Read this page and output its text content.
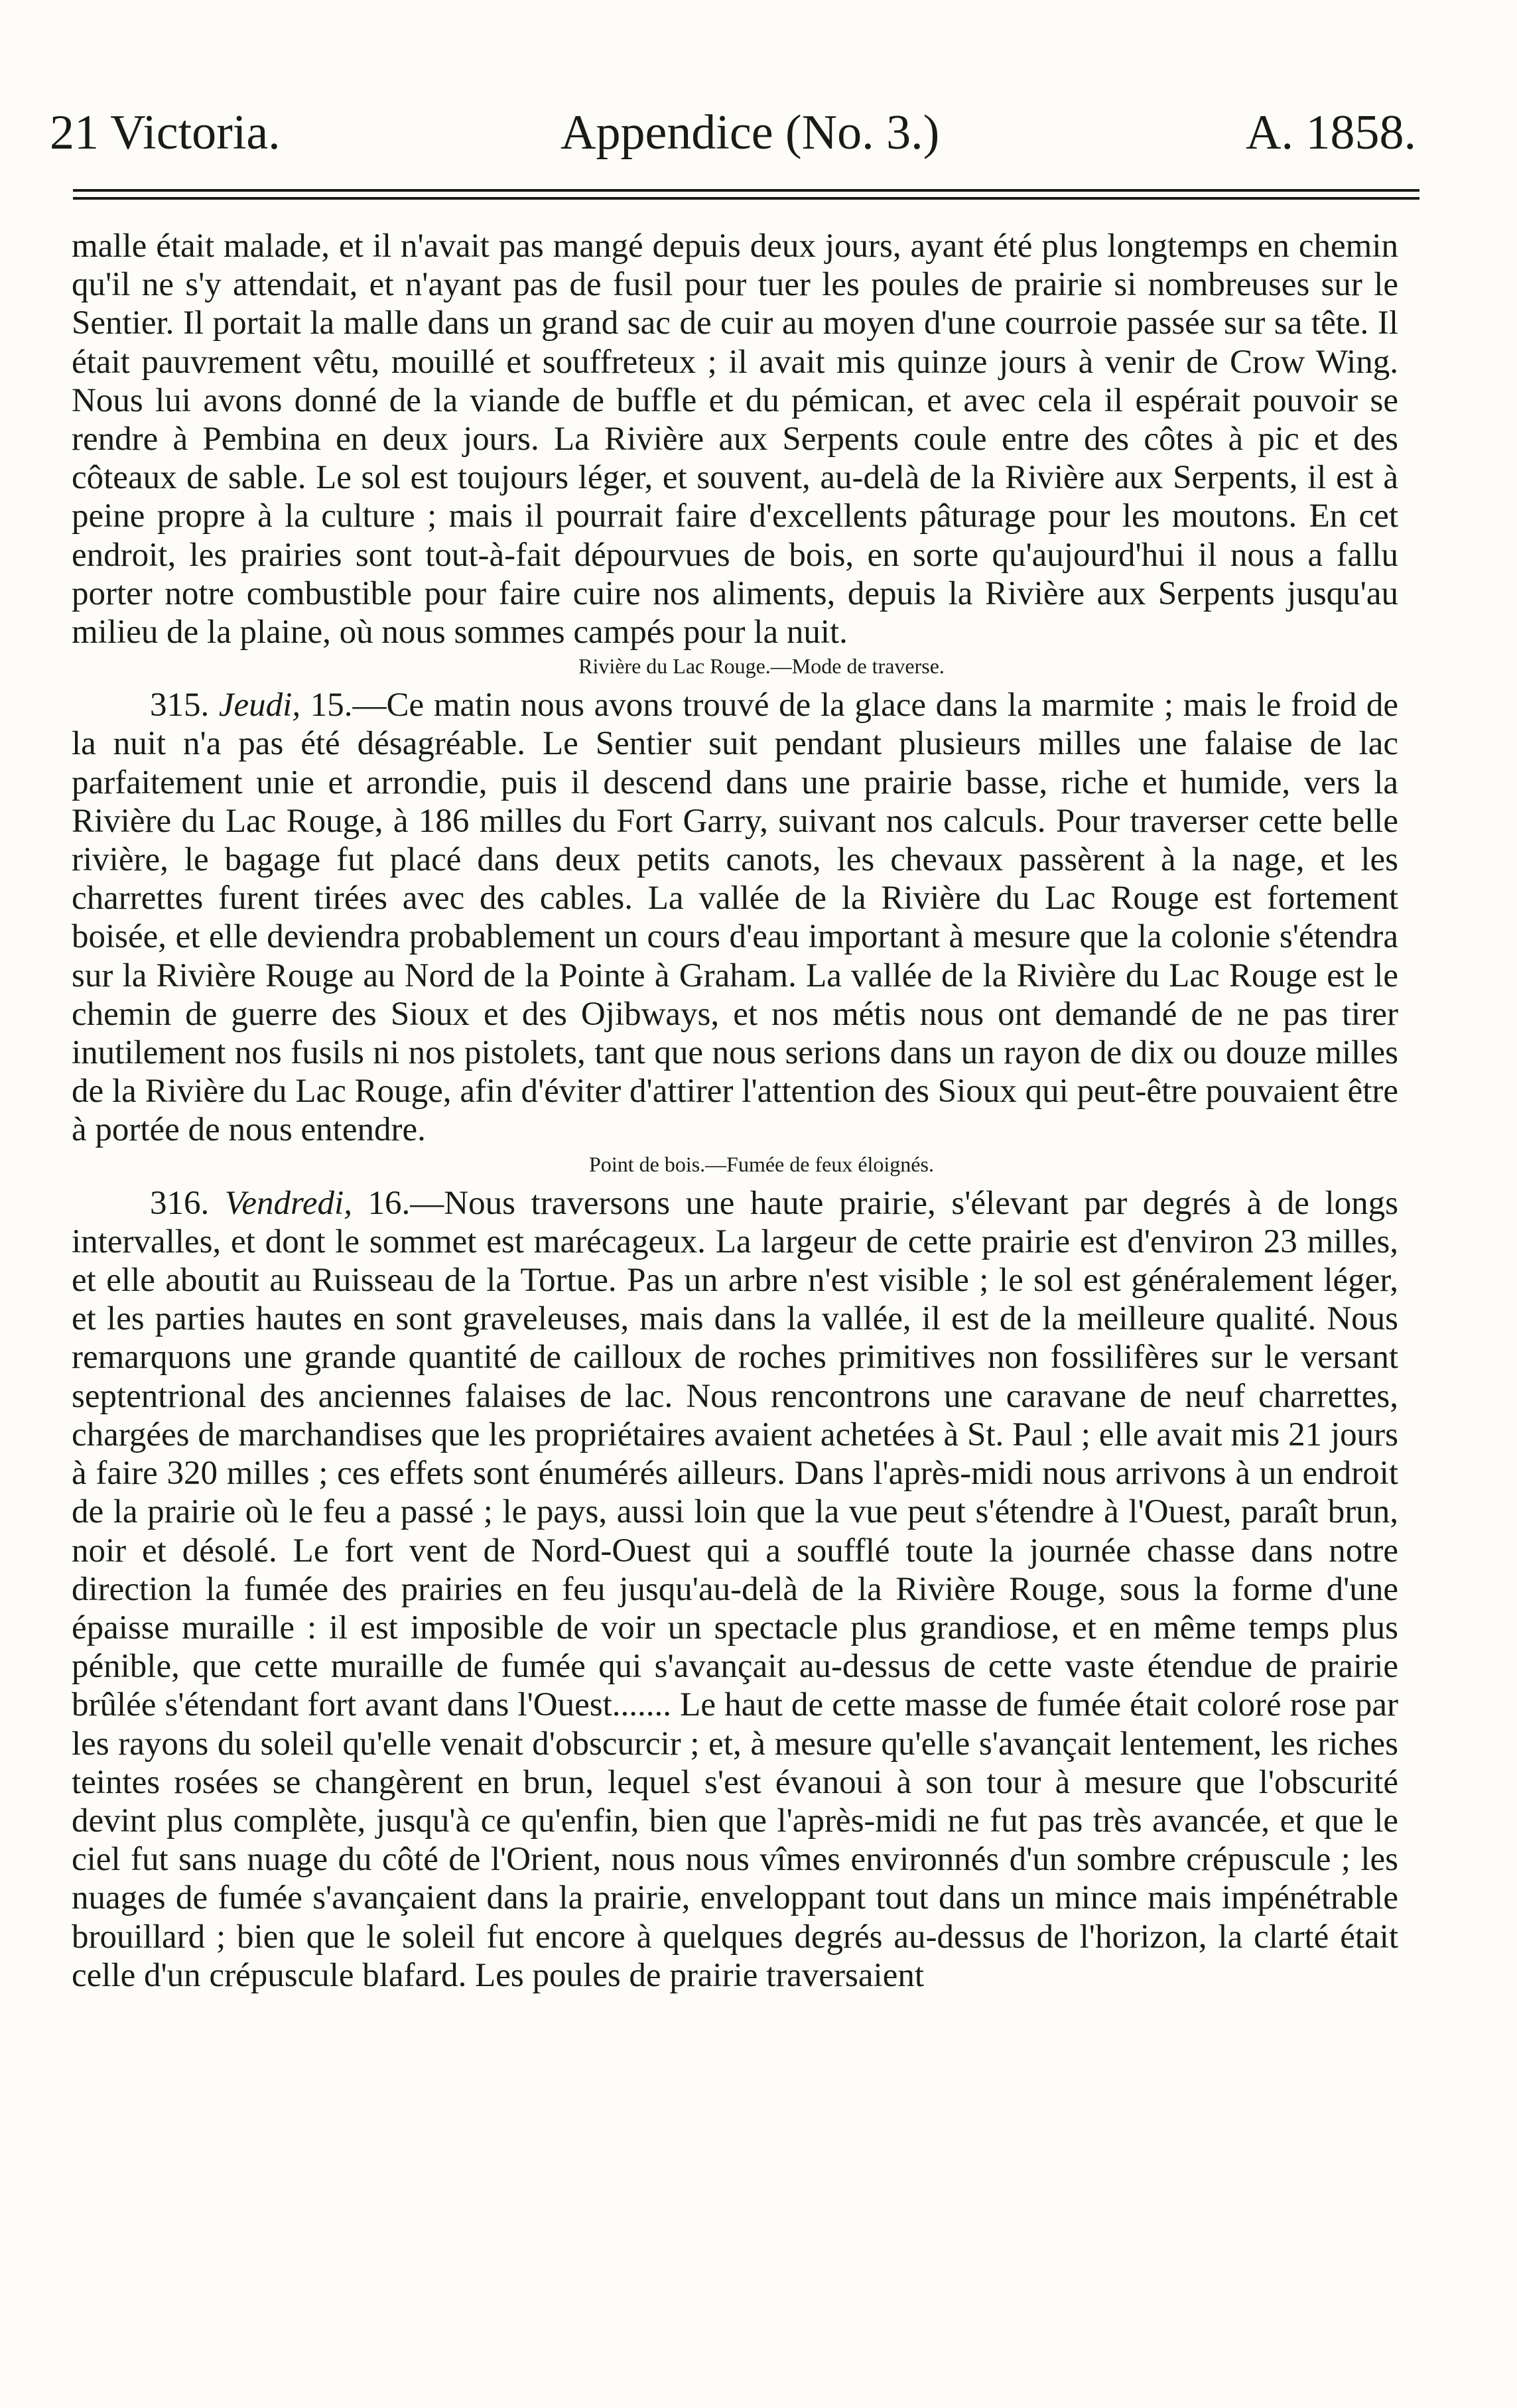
21 Victoria.	Appendice (No. 3.)	A. 1858.

malle était malade, et il n'avait pas mangé depuis deux jours, ayant été plus longtemps en chemin qu'il ne s'y attendait, et n'ayant pas de fusil pour tuer les poules de prairie si nombreuses sur le Sentier. Il portait la malle dans un grand sac de cuir au moyen d'une courroie passée sur sa tête. Il était pauvrement vêtu, mouillé et souffreteux ; il avait mis quinze jours à venir de Crow Wing. Nous lui avons donné de la viande de buffle et du pémican, et avec cela il espérait pouvoir se rendre à Pembina en deux jours. La Rivière aux Serpents coule entre des côtes à pic et des côteaux de sable. Le sol est toujours léger, et souvent, au-delà de la Rivière aux Serpents, il est à peine propre à la culture ; mais il pourrait faire d'excellents pâturage pour les moutons. En cet endroit, les prairies sont tout-à-fait dépourvues de bois, en sorte qu'aujourd'hui il nous a fallu porter notre combustible pour faire cuire nos aliments, depuis la Rivière aux Serpents jusqu'au milieu de la plaine, où nous sommes campés pour la nuit.

Rivière du Lac Rouge.—Mode de traverse.

315. Jeudi, 15.—Ce matin nous avons trouvé de la glace dans la marmite ; mais le froid de la nuit n'a pas été désagréable. Le Sentier suit pendant plusieurs milles une falaise de lac parfaitement unie et arrondie, puis il descend dans une prairie basse, riche et humide, vers la Rivière du Lac Rouge, à 186 milles du Fort Garry, suivant nos calculs. Pour traverser cette belle rivière, le bagage fut placé dans deux petits canots, les chevaux passèrent à la nage, et les charrettes furent tirées avec des cables. La vallée de la Rivière du Lac Rouge est fortement boisée, et elle deviendra probablement un cours d'eau important à mesure que la colonie s'étendra sur la Rivière Rouge au Nord de la Pointe à Graham. La vallée de la Rivière du Lac Rouge est le chemin de guerre des Sioux et des Ojibways, et nos métis nous ont demandé de ne pas tirer inutilement nos fusils ni nos pistolets, tant que nous serions dans un rayon de dix ou douze milles de la Rivière du Lac Rouge, afin d'éviter d'attirer l'attention des Sioux qui peut-être pouvaient être à portée de nous entendre.

Point de bois.—Fumée de feux éloignés.

316. Vendredi, 16.—Nous traversons une haute prairie, s'élevant par degrés à de longs intervalles, et dont le sommet est marécageux. La largeur de cette prairie est d'environ 23 milles, et elle aboutit au Ruisseau de la Tortue. Pas un arbre n'est visible ; le sol est généralement léger, et les parties hautes en sont graveleuses, mais dans la vallée, il est de la meilleure qualité. Nous remarquons une grande quantité de cailloux de roches primitives non fossilifères sur le versant septentrional des anciennes falaises de lac. Nous rencontrons une caravane de neuf charrettes, chargées de marchandises que les propriétaires avaient achetées à St. Paul ; elle avait mis 21 jours à faire 320 milles ; ces effets sont énumérés ailleurs. Dans l'après-midi nous arrivons à un endroit de la prairie où le feu a passé ; le pays, aussi loin que la vue peut s'étendre à l'Ouest, paraît brun, noir et désolé. Le fort vent de Nord-Ouest qui a soufflé toute la journée chasse dans notre direction la fumée des prairies en feu jusqu'au-delà de la Rivière Rouge, sous la forme d'une épaisse muraille : il est imposible de voir un spectacle plus grandiose, et en même temps plus pénible, que cette muraille de fumée qui s'avançait au-dessus de cette vaste étendue de prairie brûlée s'étendant fort avant dans l'Ouest....... Le haut de cette masse de fumée était coloré rose par les rayons du soleil qu'elle venait d'obscurcir ; et, à mesure qu'elle s'avançait lentement, les riches teintes rosées se changèrent en brun, lequel s'est évanoui à son tour à mesure que l'obscurité devint plus complète, jusqu'à ce qu'enfin, bien que l'après-midi ne fut pas très avancée, et que le ciel fut sans nuage du côté de l'Orient, nous nous vîmes environnés d'un sombre crépuscule ; les nuages de fumée s'avançaient dans la prairie, enveloppant tout dans un mince mais impénétrable brouillard ; bien que le soleil fut encore à quelques degrés au-dessus de l'horizon, la clarté était celle d'un crépuscule blafard. Les poules de prairie traversaient
